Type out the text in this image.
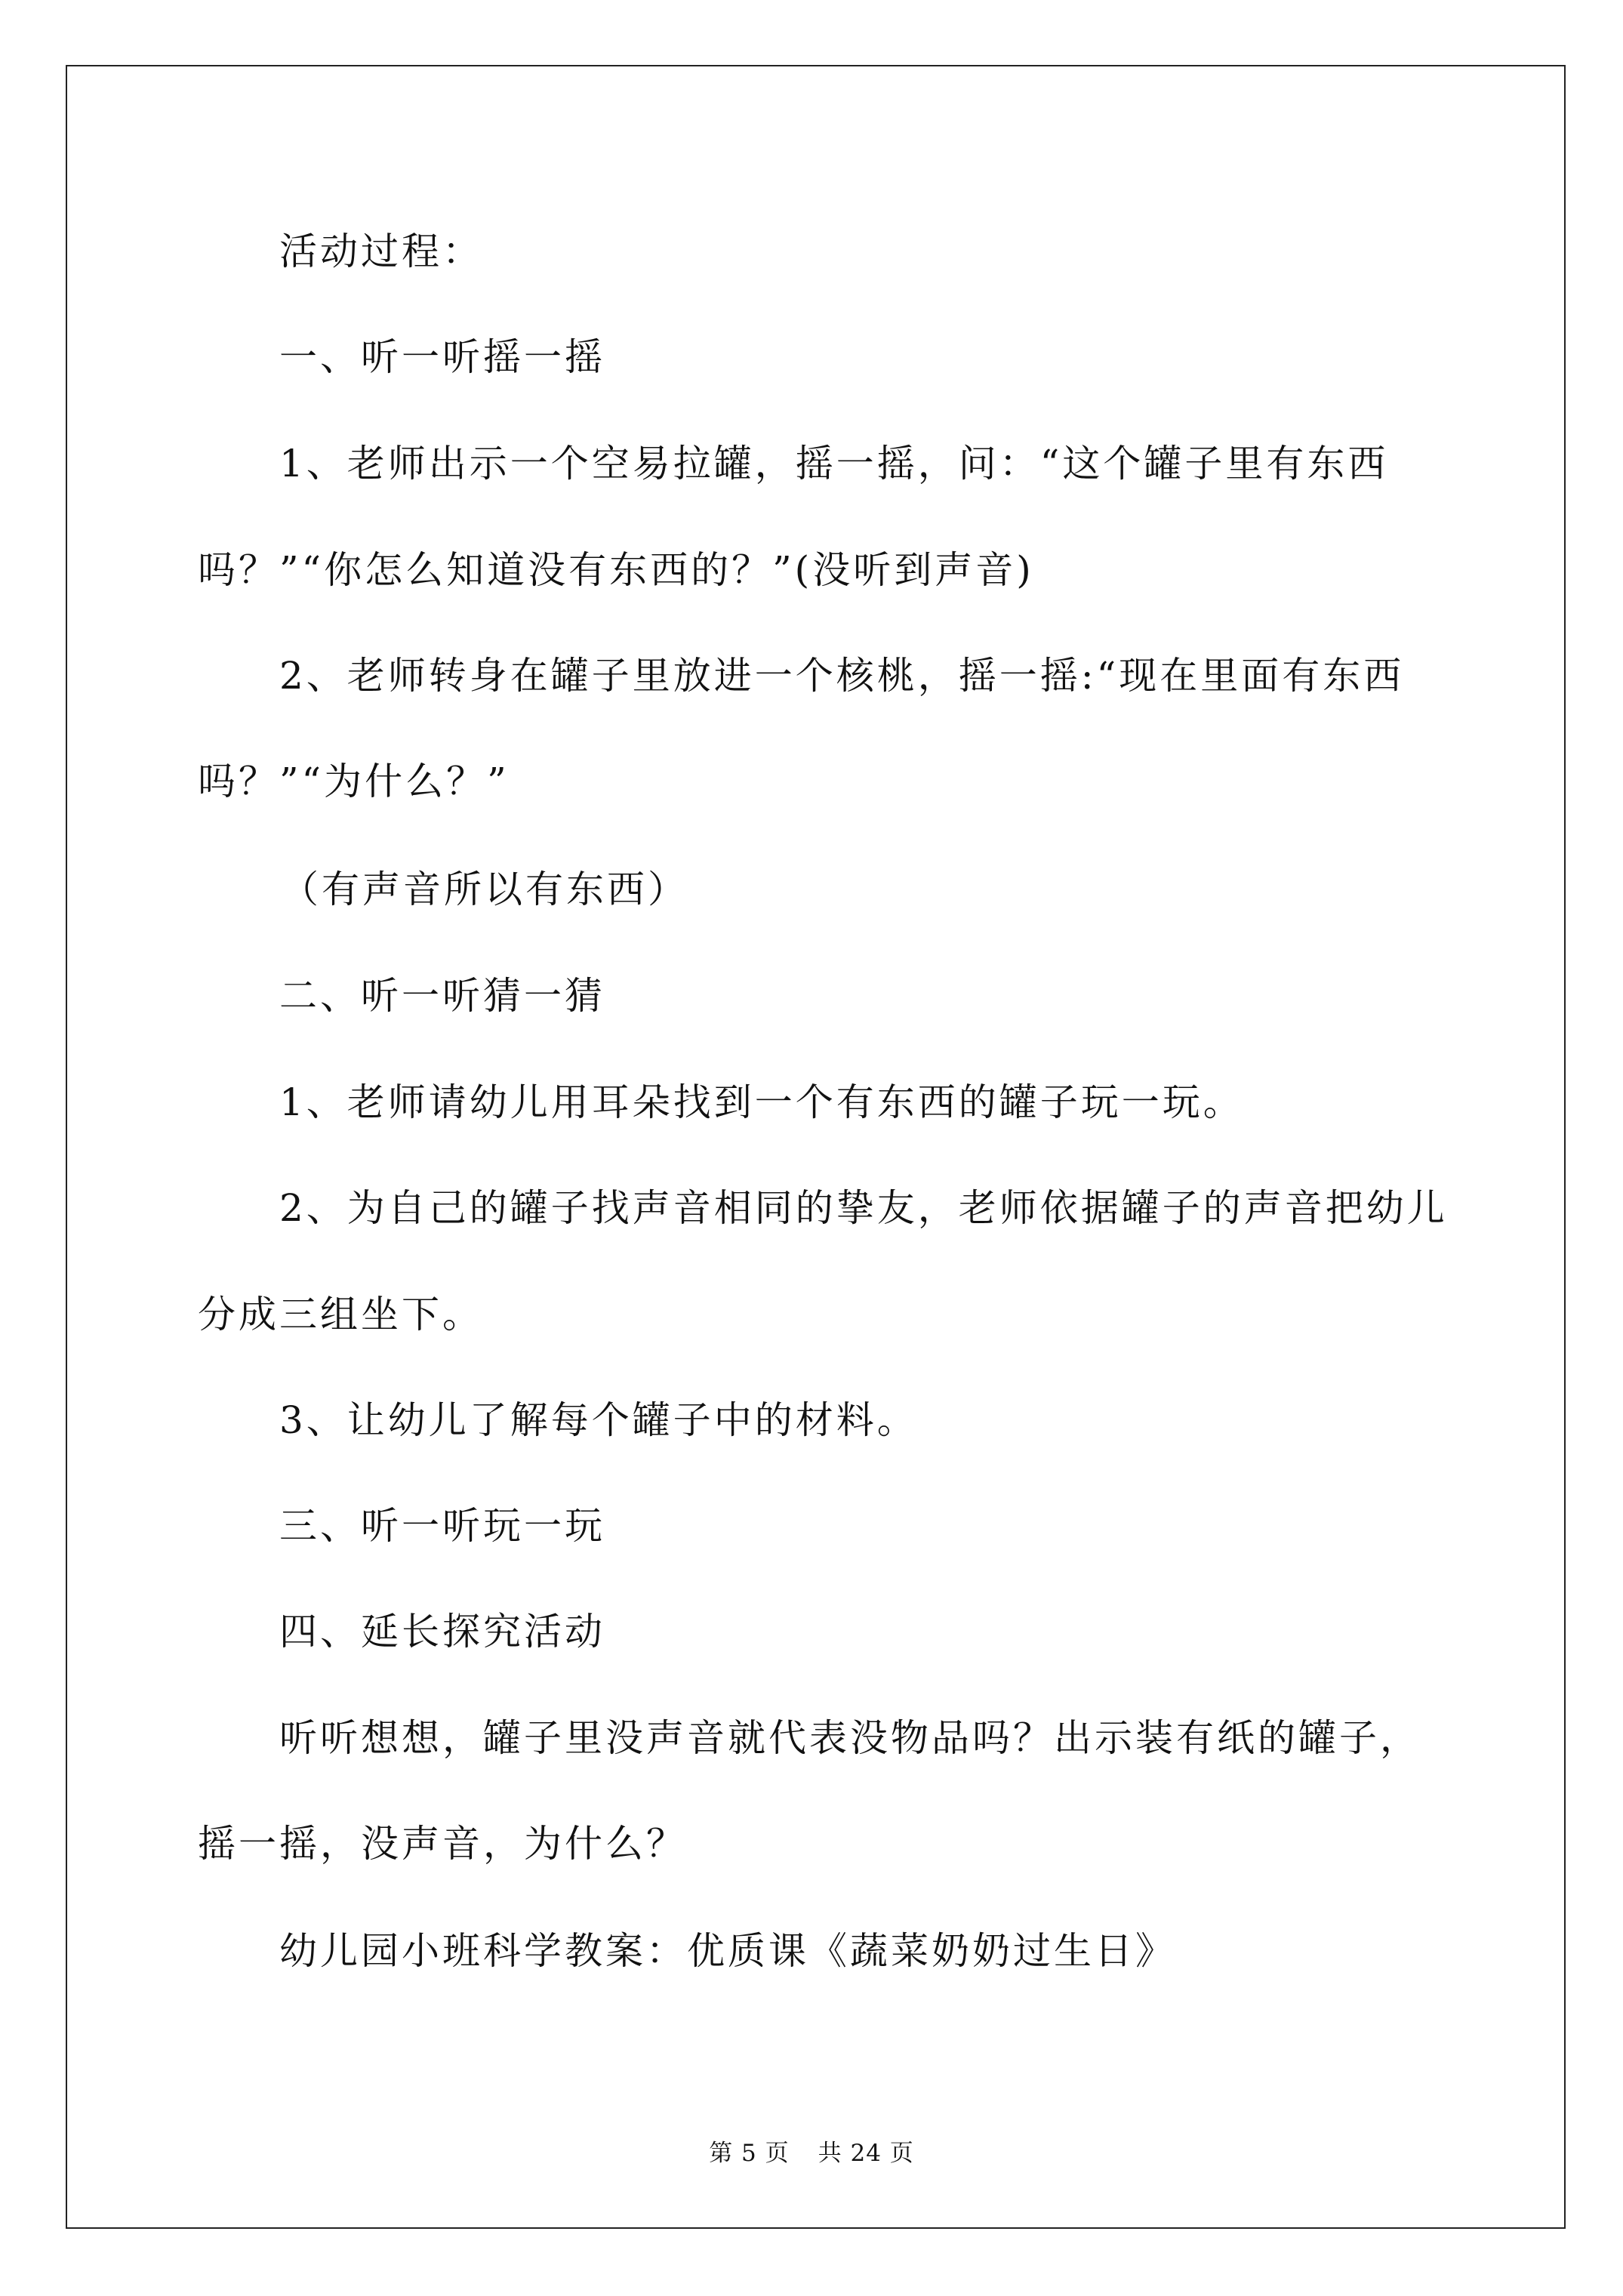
活动过程：
一、听一听摇一摇
1、老师出示一个空易拉罐，摇一摇，问：“这个罐子里有东西
吗？”“你怎么知道没有东西的？”(没听到声音)
2、老师转身在罐子里放进一个核桃，摇一摇:“现在里面有东西
吗？”“为什么？”
（有声音所以有东西）
二、听一听猜一猜
1、老师请幼儿用耳朵找到一个有东西的罐子玩一玩。
2、为自己的罐子找声音相同的挚友，老师依据罐子的声音把幼儿
分成三组坐下。
3、让幼儿了解每个罐子中的材料。
三、听一听玩一玩
四、延长探究活动
听听想想，罐子里没声音就代表没物品吗？出示装有纸的罐子，
摇一摇，没声音，为什么？
幼儿园小班科学教案：优质课《蔬菜奶奶过生日》
第 5 页 共 24 页
